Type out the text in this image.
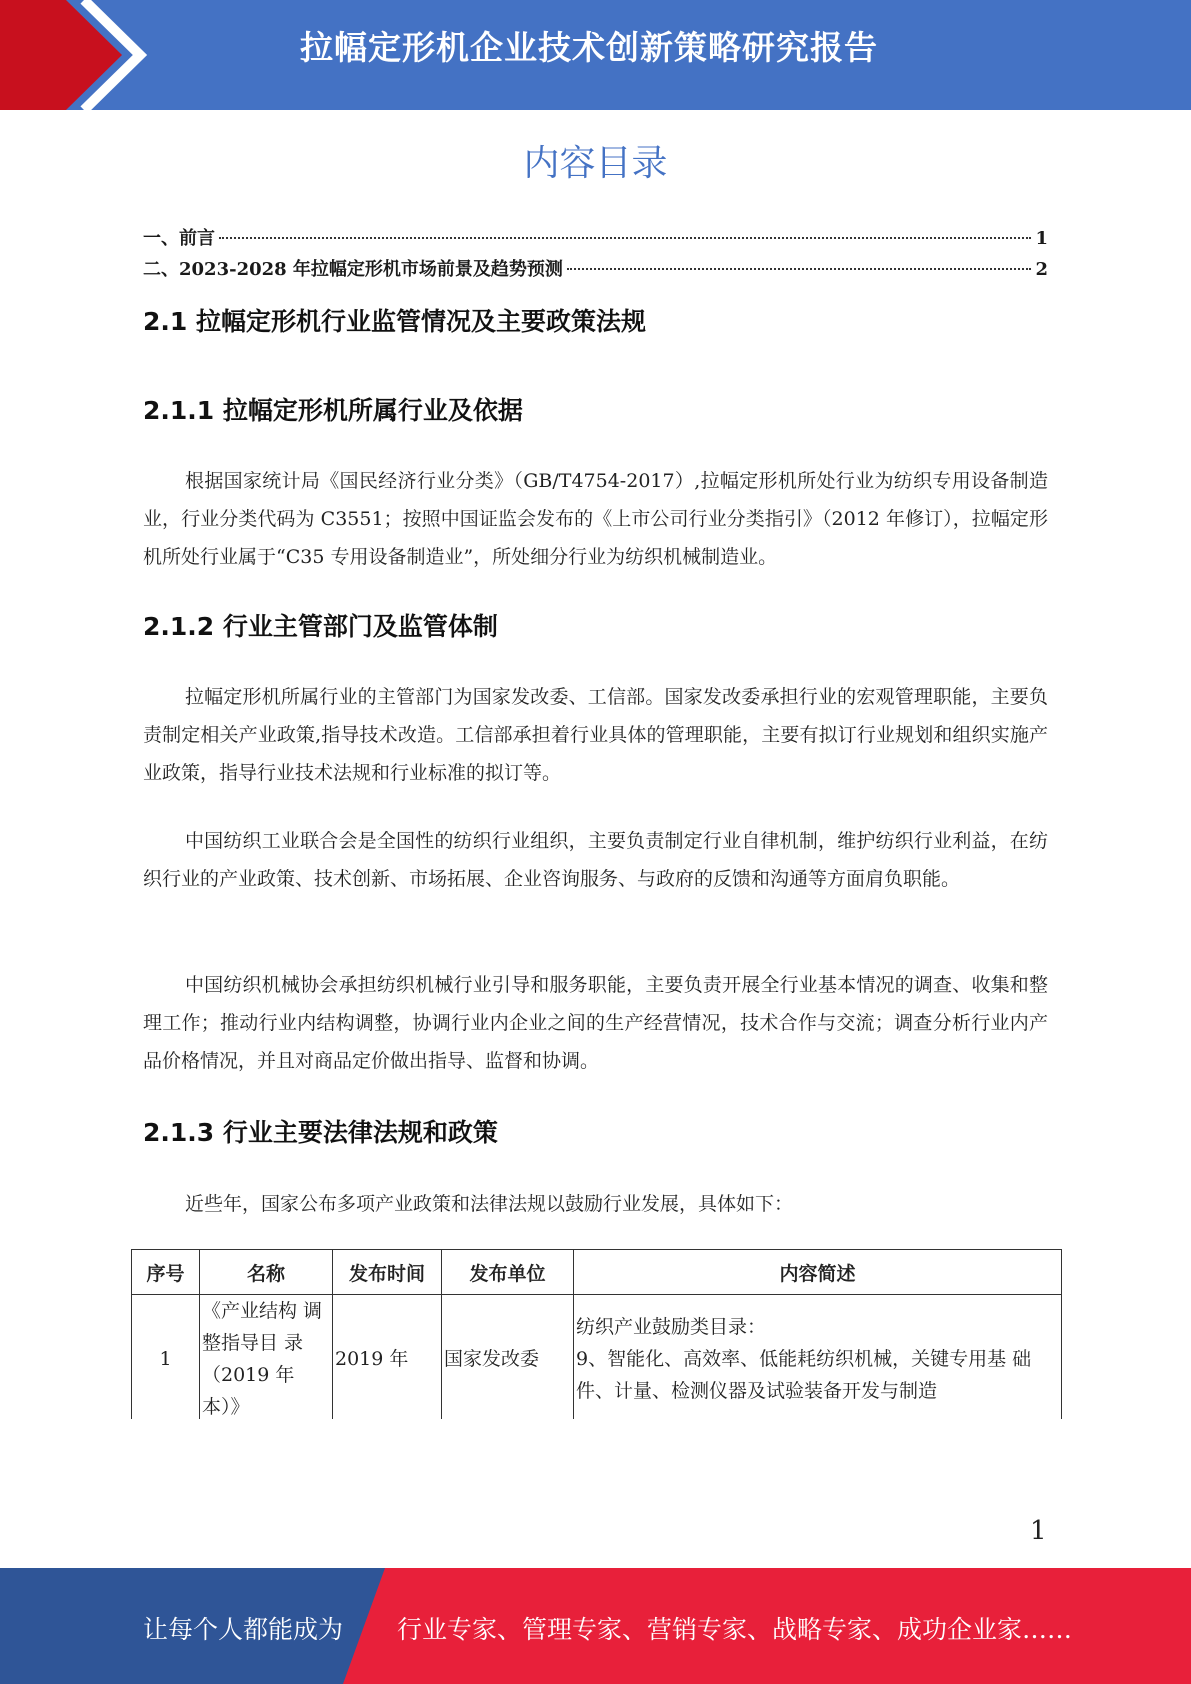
拉幅定形机企业技术创新策略研究报告
内容目录
一、前言	1
二、2023-2028 年拉幅定形机市场前景及趋势预测	2
2.1 拉幅定形机行业监管情况及主要政策法规
2.1.1 拉幅定形机所属行业及依据
根据国家统计局《国民经济行业分类》（GB/T4754-2017）,拉幅定形机所处行业为纺织专用设备制造业，行业分类代码为 C3551；按照中国证监会发布的《上市公司行业分类指引》（2012 年修订），拉幅定形机所处行业属于“C35 专用设备制造业”，所处细分行业为纺织机械制造业。
2.1.2 行业主管部门及监管体制
拉幅定形机所属行业的主管部门为国家发改委、工信部。国家发改委承担行业的宏观管理职能，主要负责制定相关产业政策,指导技术改造。工信部承担着行业具体的管理职能，主要有拟订行业规划和组织实施产业政策，指导行业技术法规和行业标准的拟订等。
中国纺织工业联合会是全国性的纺织行业组织，主要负责制定行业自律机制，维护纺织行业利益，在纺织行业的产业政策、技术创新、市场拓展、企业咨询服务、与政府的反馈和沟通等方面肩负职能。
中国纺织机械协会承担纺织机械行业引导和服务职能，主要负责开展全行业基本情况的调查、收集和整理工作；推动行业内结构调整，协调行业内企业之间的生产经营情况，技术合作与交流；调查分析行业内产品价格情况，并且对商品定价做出指导、监督和协调。
2.1.3 行业主要法律法规和政策
近些年，国家公布多项产业政策和法律法规以鼓励行业发展，具体如下：
序号	名称	发布时间	发布单位	内容简述
1	《产业结构 调整指导目 录（2019 年本）》	2019 年	国家发改委	纺织产业鼓励类目录：
9、智能化、高效率、低能耗纺织机械，关键专用基 础件、计量、检测仪器及试验装备开发与制造
1
让每个人都能成为 行业专家、管理专家、营销专家、战略专家、成功企业家……
